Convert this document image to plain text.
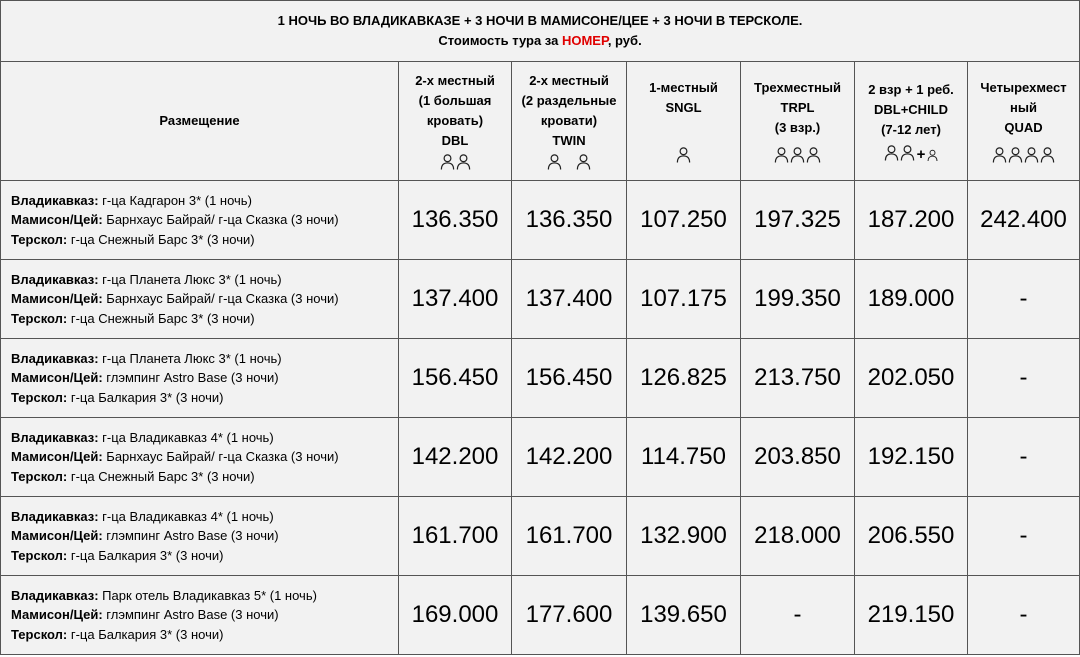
1 НОЧЬ ВО ВЛАДИКАВКАЗЕ + 3 НОЧИ В МАМИСОНЕ/ЦЕЕ + 3 НОЧИ В ТЕРСКОЛЕ.
Стоимость тура за НОМЕР, руб.						

Размещение	2-х местный
(1 большая
кровать)
DBL	2-х местный
(2 раздельные
кровати)
TWIN	1-местный
SNGL	Трехместный
TRPL
(3 взр.)	2 взр + 1 реб.
DBL+CHILD
(7-12 лет)
+	Четырехмест
ный
QUAD

Владикавказ: г-ца Кадгарон 3* (1 ночь)
Мамисон/Цей: Барнхаус Байрай/ г-ца Сказка (3 ночи)
Терскол: г-ца Снежный Барс 3* (3 ночи)	136.350	136.350	107.250	197.325	187.200	242.400

Владикавказ: г-ца Планета Люкс 3* (1 ночь)
Мамисон/Цей: Барнхаус Байрай/ г-ца Сказка (3 ночи)
Терскол: г-ца Снежный Барс 3* (3 ночи)	137.400	137.400	107.175	199.350	189.000	-

Владикавказ: г-ца Планета Люкс 3* (1 ночь)
Мамисон/Цей: глэмпинг Astro Base (3 ночи)
Терскол: г-ца Балкария 3* (3 ночи)	156.450	156.450	126.825	213.750	202.050	-

Владикавказ: г-ца Владикавказ 4* (1 ночь)
Мамисон/Цей: Барнхаус Байрай/ г-ца Сказка (3 ночи)
Терскол: г-ца Снежный Барс 3* (3 ночи)	142.200	142.200	114.750	203.850	192.150	-

Владикавказ: г-ца Владикавказ 4* (1 ночь)
Мамисон/Цей: глэмпинг Astro Base (3 ночи)
Терскол: г-ца Балкария 3* (3 ночи)	161.700	161.700	132.900	218.000	206.550	-

Владикавказ: Парк отель Владикавказ 5* (1 ночь)
Мамисон/Цей: глэмпинг Astro Base (3 ночи)
Терскол: г-ца Балкария 3* (3 ночи)	169.000	177.600	139.650	-	219.150	-
